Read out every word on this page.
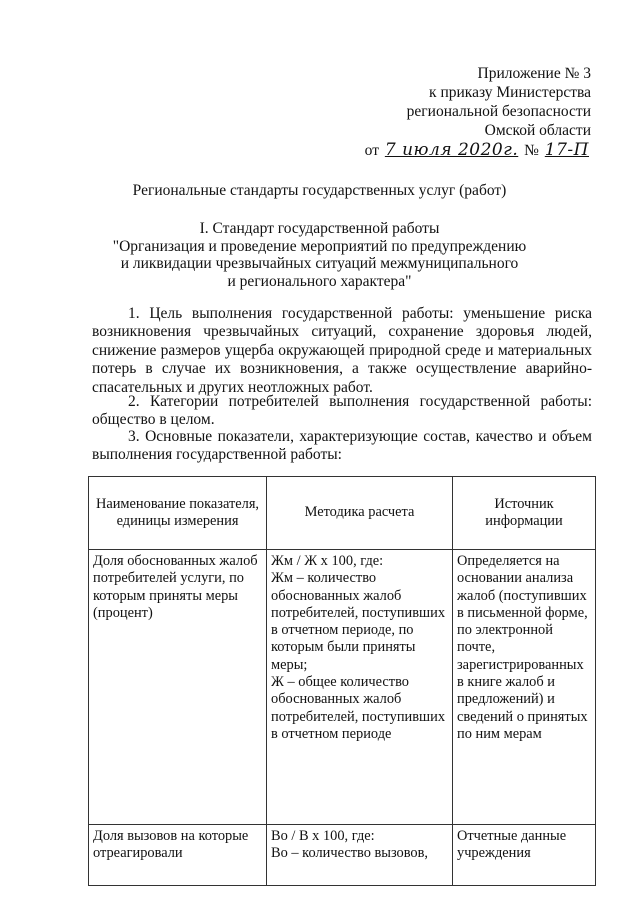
Приложение № 3
к приказу Министерства
региональной безопасности
Омской области
от 7 июля 2020г. № 17-П
Региональные стандарты государственных услуг (работ)
I. Стандарт государственной работы
"Организация и проведение мероприятий по предупреждению
и ликвидации чрезвычайных ситуаций межмуниципального
и регионального характера"
1. Цель выполнения государственной работы: уменьшение риска возникновения чрезвычайных ситуаций, сохранение здоровья людей, снижение размеров ущерба окружающей природной среде и материальных потерь в случае их возникновения, а также осуществление аварийно-спасательных и других неотложных работ.
2. Категории потребителей выполнения государственной работы: общество в целом.
3. Основные показатели, характеризующие состав, качество и объем выполнения государственной работы:
Наименование показателя, единицы измерения	Методика расчета	Источник информации

Доля обоснованных жалоб потребителей услуги, по которым приняты меры (процент)	Жм / Ж х 100, где:
Жм – количество обоснованных жалоб потребителей, поступивших в отчетном периоде, по которым были приняты меры;
Ж – общее количество обоснованных жалоб потребителей, поступивших в отчетном периоде	Определяется на основании анализа жалоб (поступивших в письменной форме, по электронной почте, зарегистрированных в книге жалоб и предложений) и сведений о принятых по ним мерам

Доля вызовов на которые отреагировали	Во / В х 100, где:
Во – количество вызовов,	Отчетные данные учреждения
